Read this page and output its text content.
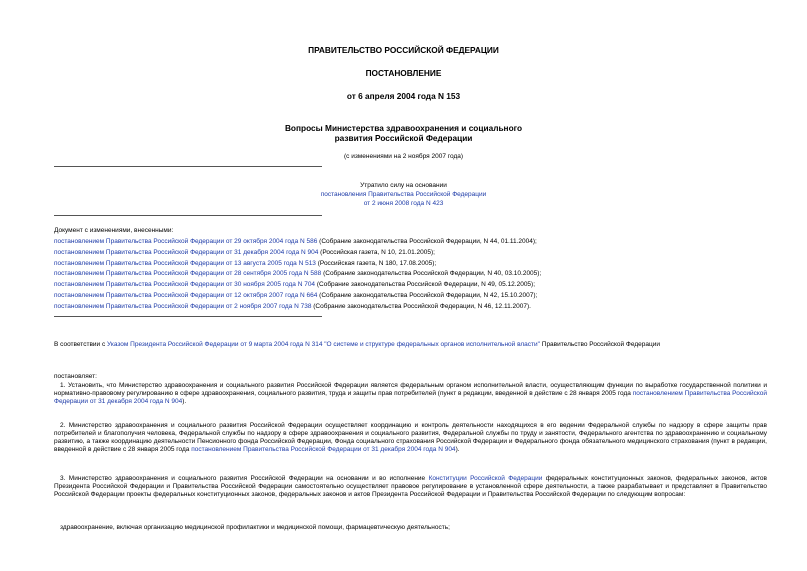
ПРАВИТЕЛЬСТВО РОССИЙСКОЙ ФЕДЕРАЦИИ
ПОСТАНОВЛЕНИЕ
от 6 апреля 2004 года N 153
Вопросы Министерства здравоохранения и социального
развития Российской Федерации
(с изменениями на 2 ноября 2007 года)
Утратило силу на основании
постановления Правительства Российской Федерации
от 2 июня 2008 года N 423
Документ с изменениями, внесенными:
постановлением Правительства Российской Федерации от 29 октября 2004 года N 586 (Собрание законодательства Российской Федерации, N 44, 01.11.2004);
постановлением Правительства Российской Федерации от 31 декабря 2004 года N 904 (Российская газета, N 10, 21.01.2005);
постановлением Правительства Российской Федерации от 13 августа 2005 года N 513 (Российская газета, N 180, 17.08.2005);
постановлением Правительства Российской Федерации от 28 сентября 2005 года N 588 (Собрание законодательства Российской Федерации, N 40, 03.10.2005);
постановлением Правительства Российской Федерации от 30 ноября 2005 года N 704 (Собрание законодательства Российской Федерации, N 49, 05.12.2005);
постановлением Правительства Российской Федерации от 12 октября 2007 года N 664 (Собрание законодательства Российской Федерации, N 42, 15.10.2007);
постановлением Правительства Российской Федерации от 2 ноября 2007 года N 738 (Собрание законодательства Российской Федерации, N 46, 12.11.2007).
В соответствии с Указом Президента Российской Федерации от 9 марта 2004 года N 314 "О системе и структуре федеральных органов исполнительной власти" Правительство Российской Федерации
постановляет:
1. Установить, что Министерство здравоохранения и социального развития Российской Федерации является федеральным органом исполнительной власти, осуществляющим функции по выработке государственной политики и нормативно-правовому регулированию в сфере здравоохранения, социального развития, труда и защиты прав потребителей (пункт в редакции, введенной в действие с 28 января 2005 года постановлением Правительства Российской Федерации от 31 декабря 2004 года N 904).
2. Министерство здравоохранения и социального развития Российской Федерации осуществляет координацию и контроль деятельности находящихся в его ведении Федеральной службы по надзору в сфере защиты прав потребителей и благополучия человека, Федеральной службы по надзору в сфере здравоохранения и социального развития, Федеральной службы по труду и занятости, Федерального агентства по здравоохранению и социальному развитию, а также координацию деятельности Пенсионного фонда Российской Федерации, Фонда социального страхования Российской Федерации и Федерального фонда обязательного медицинского страхования (пункт в редакции, введенной в действие с 28 января 2005 года постановлением Правительства Российской Федерации от 31 декабря 2004 года N 904).
3. Министерство здравоохранения и социального развития Российской Федерации на основании и во исполнение Конституции Российской Федерации федеральных конституционных законов, федеральных законов, актов Президента Российской Федерации и Правительства Российской Федерации самостоятельно осуществляет правовое регулирование в установленной сфере деятельности, а также разрабатывает и представляет в Правительство Российской Федерации проекты федеральных конституционных законов, федеральных законов и актов Президента Российской Федерации и Правительства Российской Федерации по следующим вопросам:
здравоохранение, включая организацию медицинской профилактики и медицинской помощи, фармацевтическую деятельность;
